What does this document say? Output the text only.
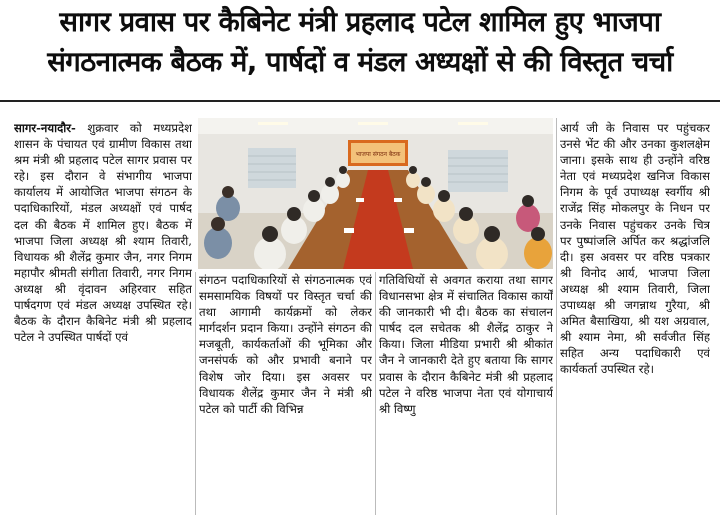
सागर प्रवास पर कैबिनेट मंत्री प्रहलाद पटेल शामिल हुए भाजपा
संगठनात्मक बैठक में, पार्षदों व मंडल अध्यक्षों से की विस्तृत चर्चा

सागर-नयादौर- शुक्रवार को मध्यप्रदेश शासन के पंचायत एवं ग्रामीण विकास तथा श्रम मंत्री श्री प्रहलाद पटेल सागर प्रवास पर रहे। इस दौरान वे संभागीय भाजपा कार्यालय में आयोजित भाजपा संगठन के पदाधिकारियों, मंडल अध्यक्षों एवं पार्षद दल की बैठक में शामिल हुए। बैठक में भाजपा जिला अध्यक्ष श्री श्याम तिवारी, विधायक श्री शैलेंद्र कुमार जैन, नगर निगम महापौर श्रीमती संगीता तिवारी, नगर निगम अध्यक्ष श्री वृंदावन अहिरवार सहित पार्षदगण एवं मंडल अध्यक्ष उपस्थित रहे। बैठक के दौरान कैबिनेट मंत्री श्री प्रहलाद पटेल ने उपस्थित पार्षदों एवं

भाजपा संगठन बैठक

संगठन पदाधिकारियों से संगठनात्मक एवं समसामयिक विषयों पर विस्तृत चर्चा की तथा आगामी कार्यक्रमों को लेकर मार्गदर्शन प्रदान किया। उन्होंने संगठन की मजबूती, कार्यकर्ताओं की भूमिका और जनसंपर्क को और प्रभावी बनाने पर विशेष जोर दिया। इस अवसर पर विधायक शैलेंद्र कुमार जैन ने मंत्री श्री पटेल को पार्टी की विभिन्न

गतिविधियों से अवगत कराया तथा सागर विधानसभा क्षेत्र में संचालित विकास कार्यों की जानकारी भी दी। बैठक का संचालन पार्षद दल सचेतक श्री शैलेंद्र ठाकुर ने किया। जिला मीडिया प्रभारी श्री श्रीकांत जैन ने जानकारी देते हुए बताया कि सागर प्रवास के दौरान कैबिनेट मंत्री श्री प्रहलाद पटेल ने वरिष्ठ भाजपा नेता एवं योगाचार्य श्री विष्णु

आर्य जी के निवास पर पहुंचकर उनसे भेंट की और उनका कुशलक्षेम जाना। इसके साथ ही उन्होंने वरिष्ठ नेता एवं मध्यप्रदेश खनिज विकास निगम के पूर्व उपाध्यक्ष स्वर्गीय श्री राजेंद्र सिंह मोकलपुर के निधन पर उनके निवास पहुंचकर उनके चित्र पर पुष्पांजलि अर्पित कर श्रद्धांजलि दी। इस अवसर पर वरिष्ठ पत्रकार श्री विनोद आर्य, भाजपा जिला अध्यक्ष श्री श्याम तिवारी, जिला उपाध्यक्ष श्री जगन्नाथ गुरैया, श्री अमित बैसाखिया, श्री यश अग्रवाल, श्री श्याम नेमा, श्री सर्वजीत सिंह सहित अन्य पदाधिकारी एवं कार्यकर्ता उपस्थित रहे।
